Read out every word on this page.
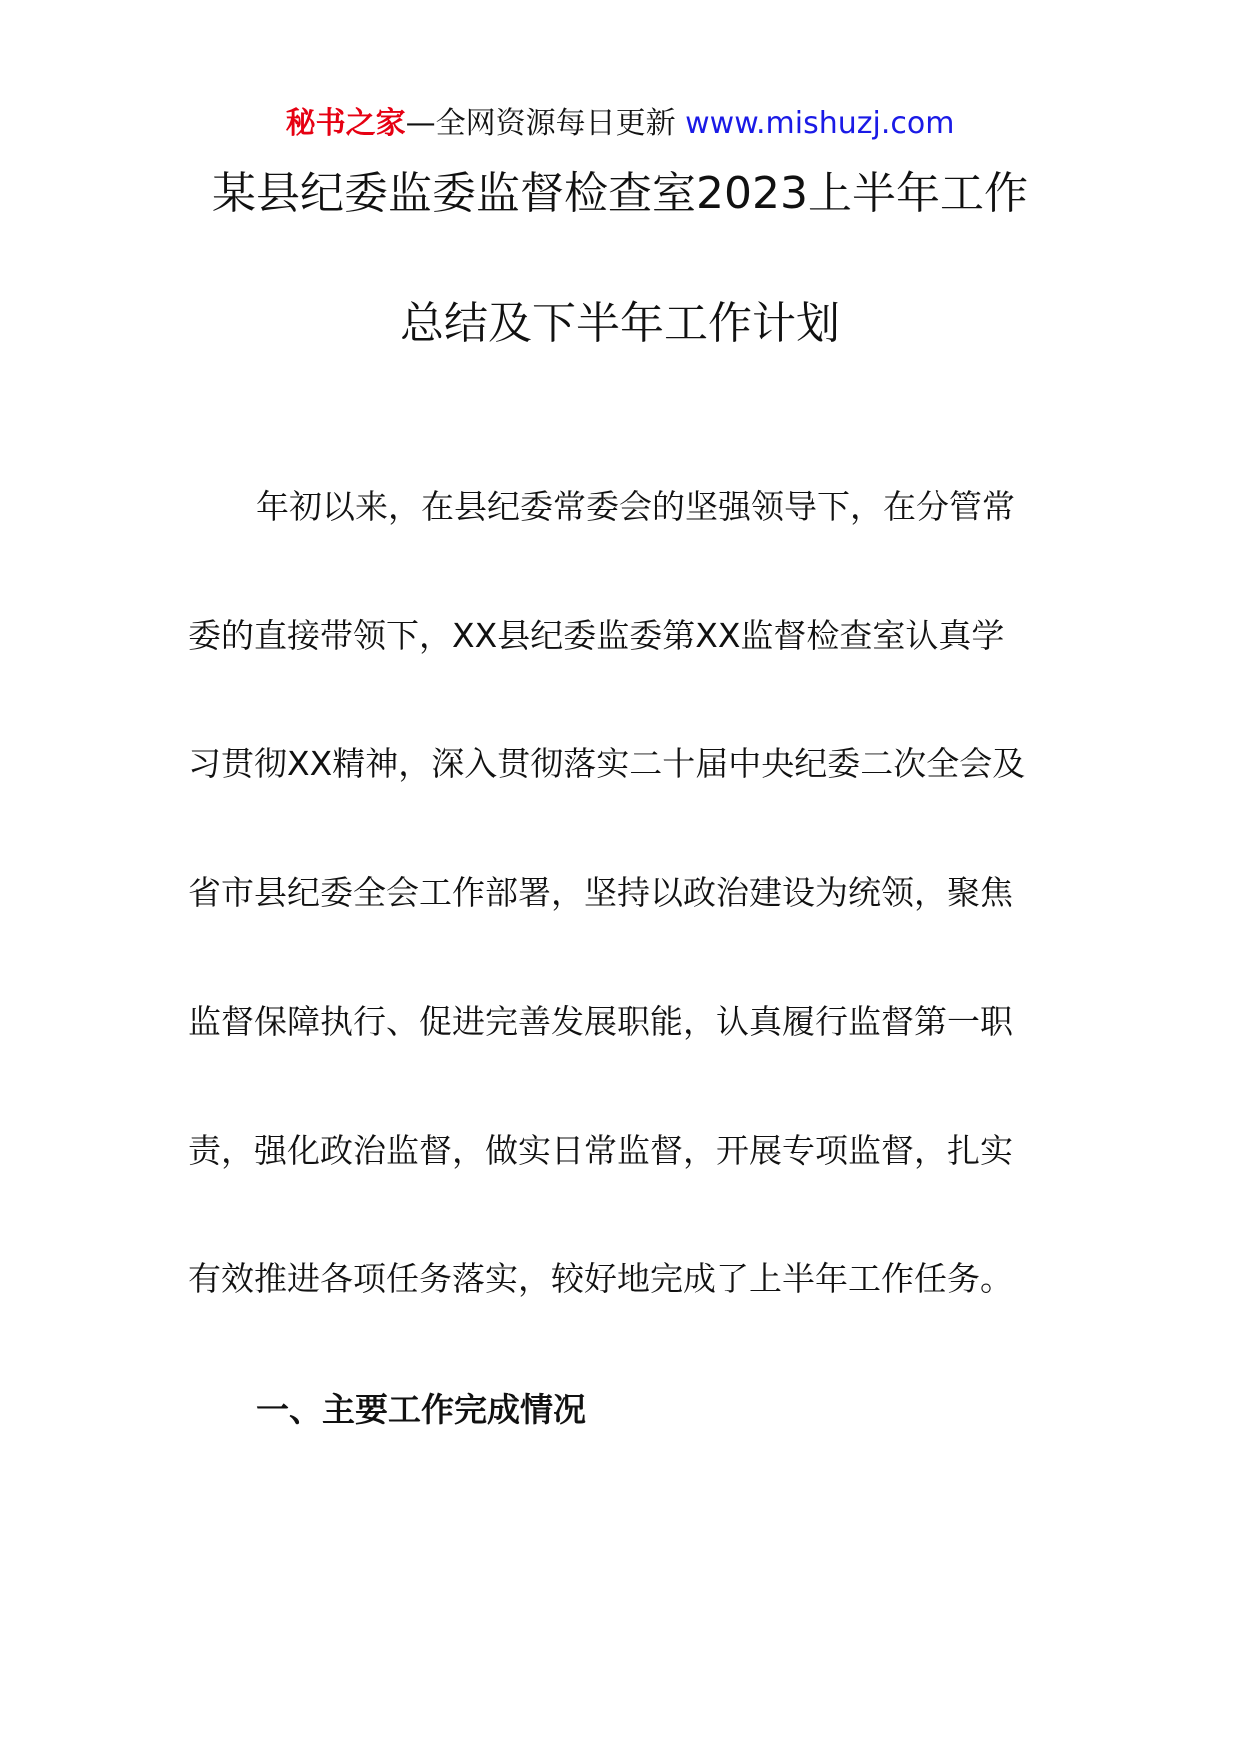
秘书之家—全网资源每日更新 www.mishuzj.com
某县纪委监委监督检查室2023上半年工作
总结及下半年工作计划
年初以来，在县纪委常委会的坚强领导下，在分管常
委的直接带领下，XX县纪委监委第XX监督检查室认真学
习贯彻XX精神，深入贯彻落实二十届中央纪委二次全会及
省市县纪委全会工作部署，坚持以政治建设为统领，聚焦
监督保障执行、促进完善发展职能，认真履行监督第一职
责，强化政治监督，做实日常监督，开展专项监督，扎实
有效推进各项任务落实，较好地完成了上半年工作任务。
一、主要工作完成情况
